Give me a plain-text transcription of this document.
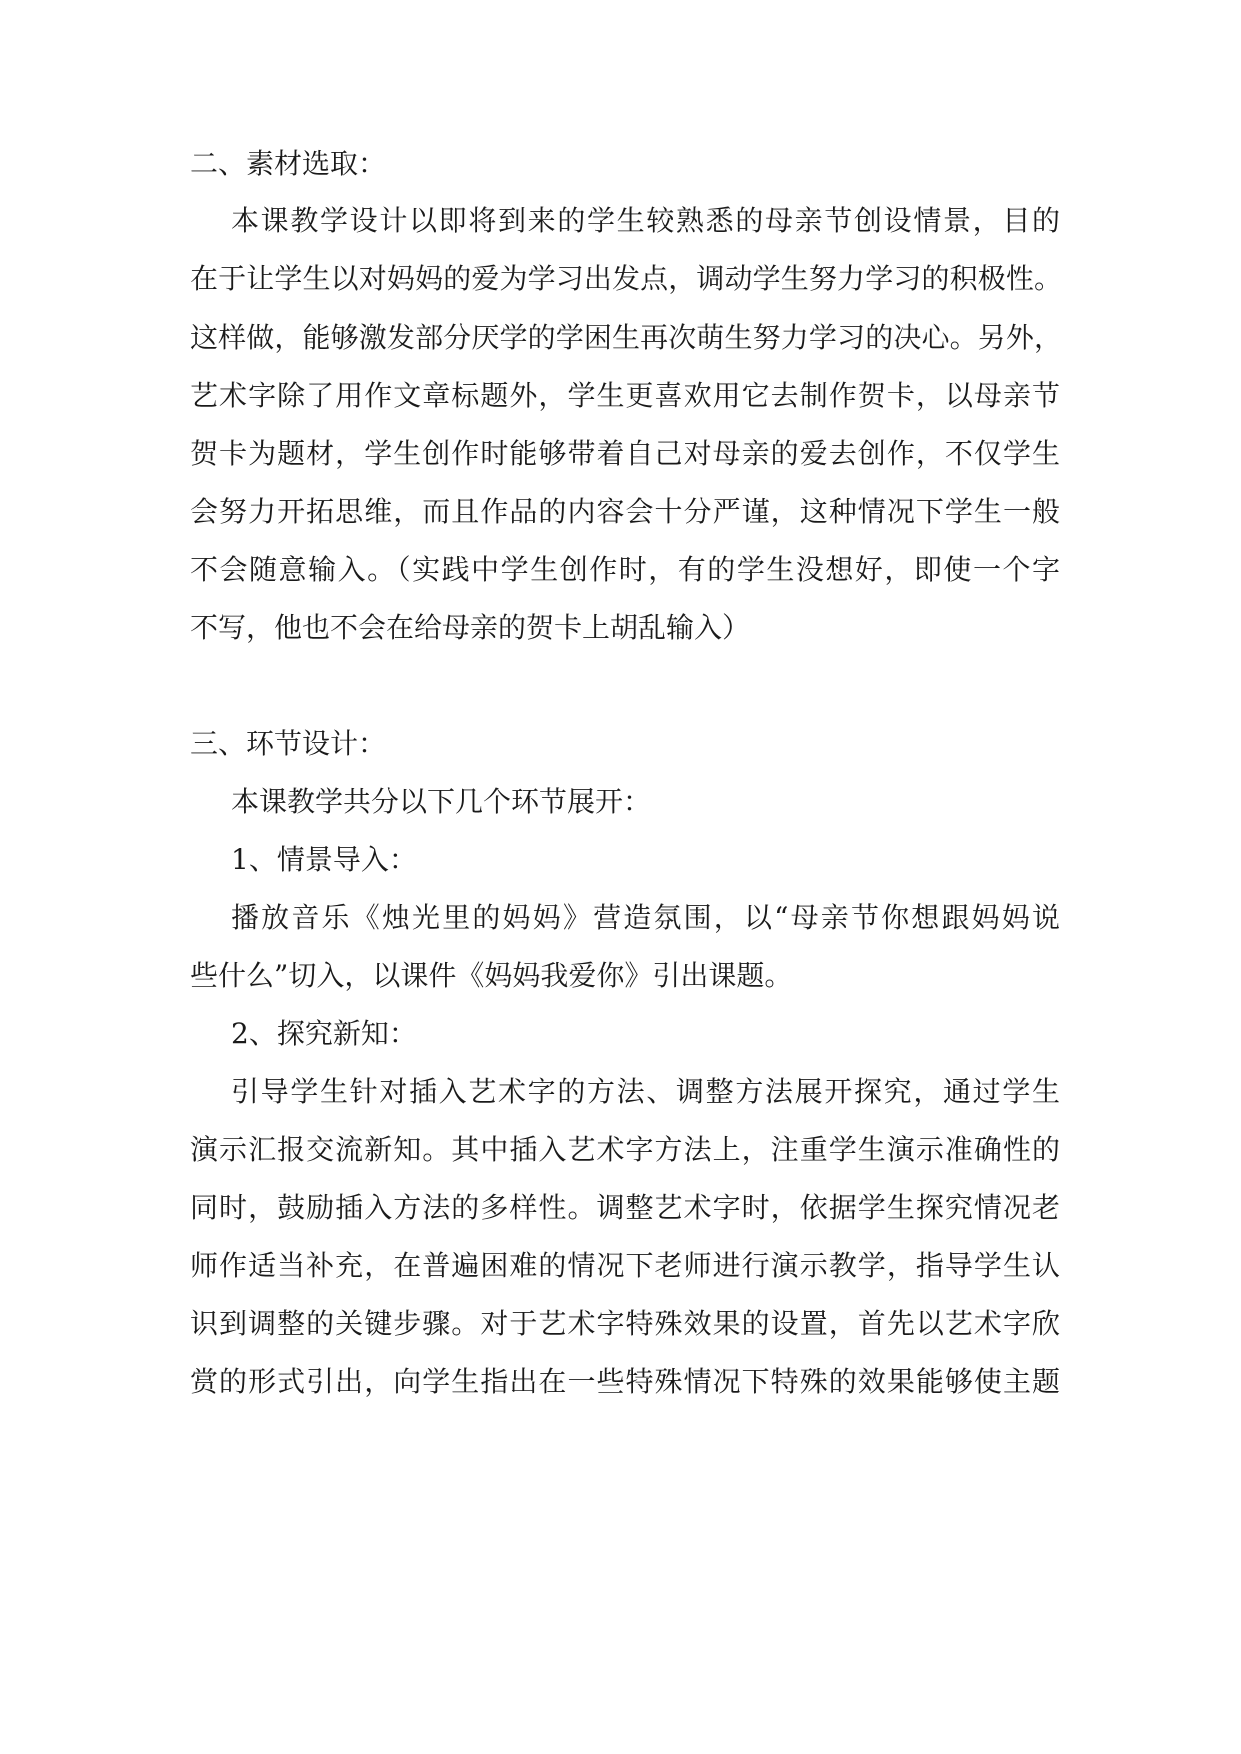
二、素材选取：
本课教学设计以即将到来的学生较熟悉的母亲节创设情景，目的
在于让学生以对妈妈的爱为学习出发点，调动学生努力学习的积极性。
这样做，能够激发部分厌学的学困生再次萌生努力学习的决心。另外，
艺术字除了用作文章标题外，学生更喜欢用它去制作贺卡，以母亲节
贺卡为题材，学生创作时能够带着自己对母亲的爱去创作，不仅学生
会努力开拓思维，而且作品的内容会十分严谨，这种情况下学生一般
不会随意输入。（实践中学生创作时，有的学生没想好，即使一个字
不写，他也不会在给母亲的贺卡上胡乱输入）
三、环节设计：
本课教学共分以下几个环节展开：
1、情景导入：
播放音乐《烛光里的妈妈》营造氛围，以“母亲节你想跟妈妈说
些什么”切入，以课件《妈妈我爱你》引出课题。
2、探究新知：
引导学生针对插入艺术字的方法、调整方法展开探究，通过学生
演示汇报交流新知。其中插入艺术字方法上，注重学生演示准确性的
同时，鼓励插入方法的多样性。调整艺术字时，依据学生探究情况老
师作适当补充，在普遍困难的情况下老师进行演示教学，指导学生认
识到调整的关键步骤。对于艺术字特殊效果的设置，首先以艺术字欣
赏的形式引出，向学生指出在一些特殊情况下特殊的效果能够使主题
